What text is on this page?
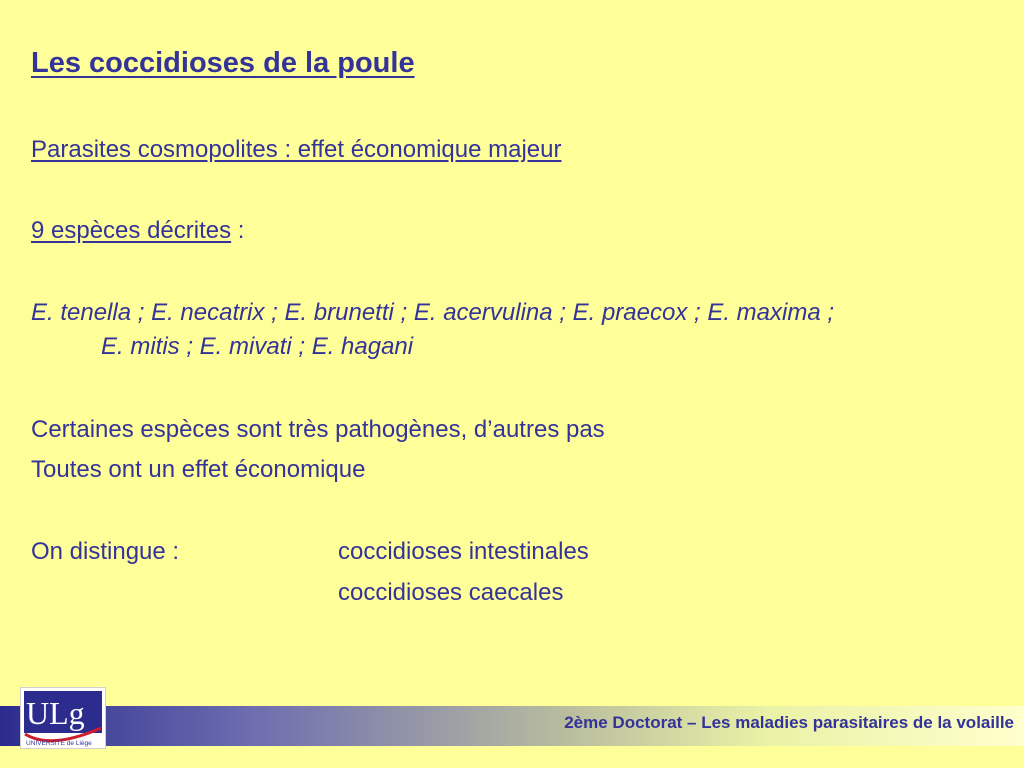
Les coccidioses de la poule
Parasites cosmopolites : effet économique majeur
9 espèces décrites :
E. tenella ; E. necatrix ; E. brunetti ; E. acervulina ; E. praecox ; E. maxima ;
E. mitis ; E. mivati ; E. hagani
Certaines espèces sont très pathogènes, d’autres pas
Toutes ont un effet économique
On distingue :	coccidioses intestinales
coccidioses caecales
2ème Doctorat – Les maladies parasitaires de la volaille
ULg
UNIVERSITÉ de Liège
